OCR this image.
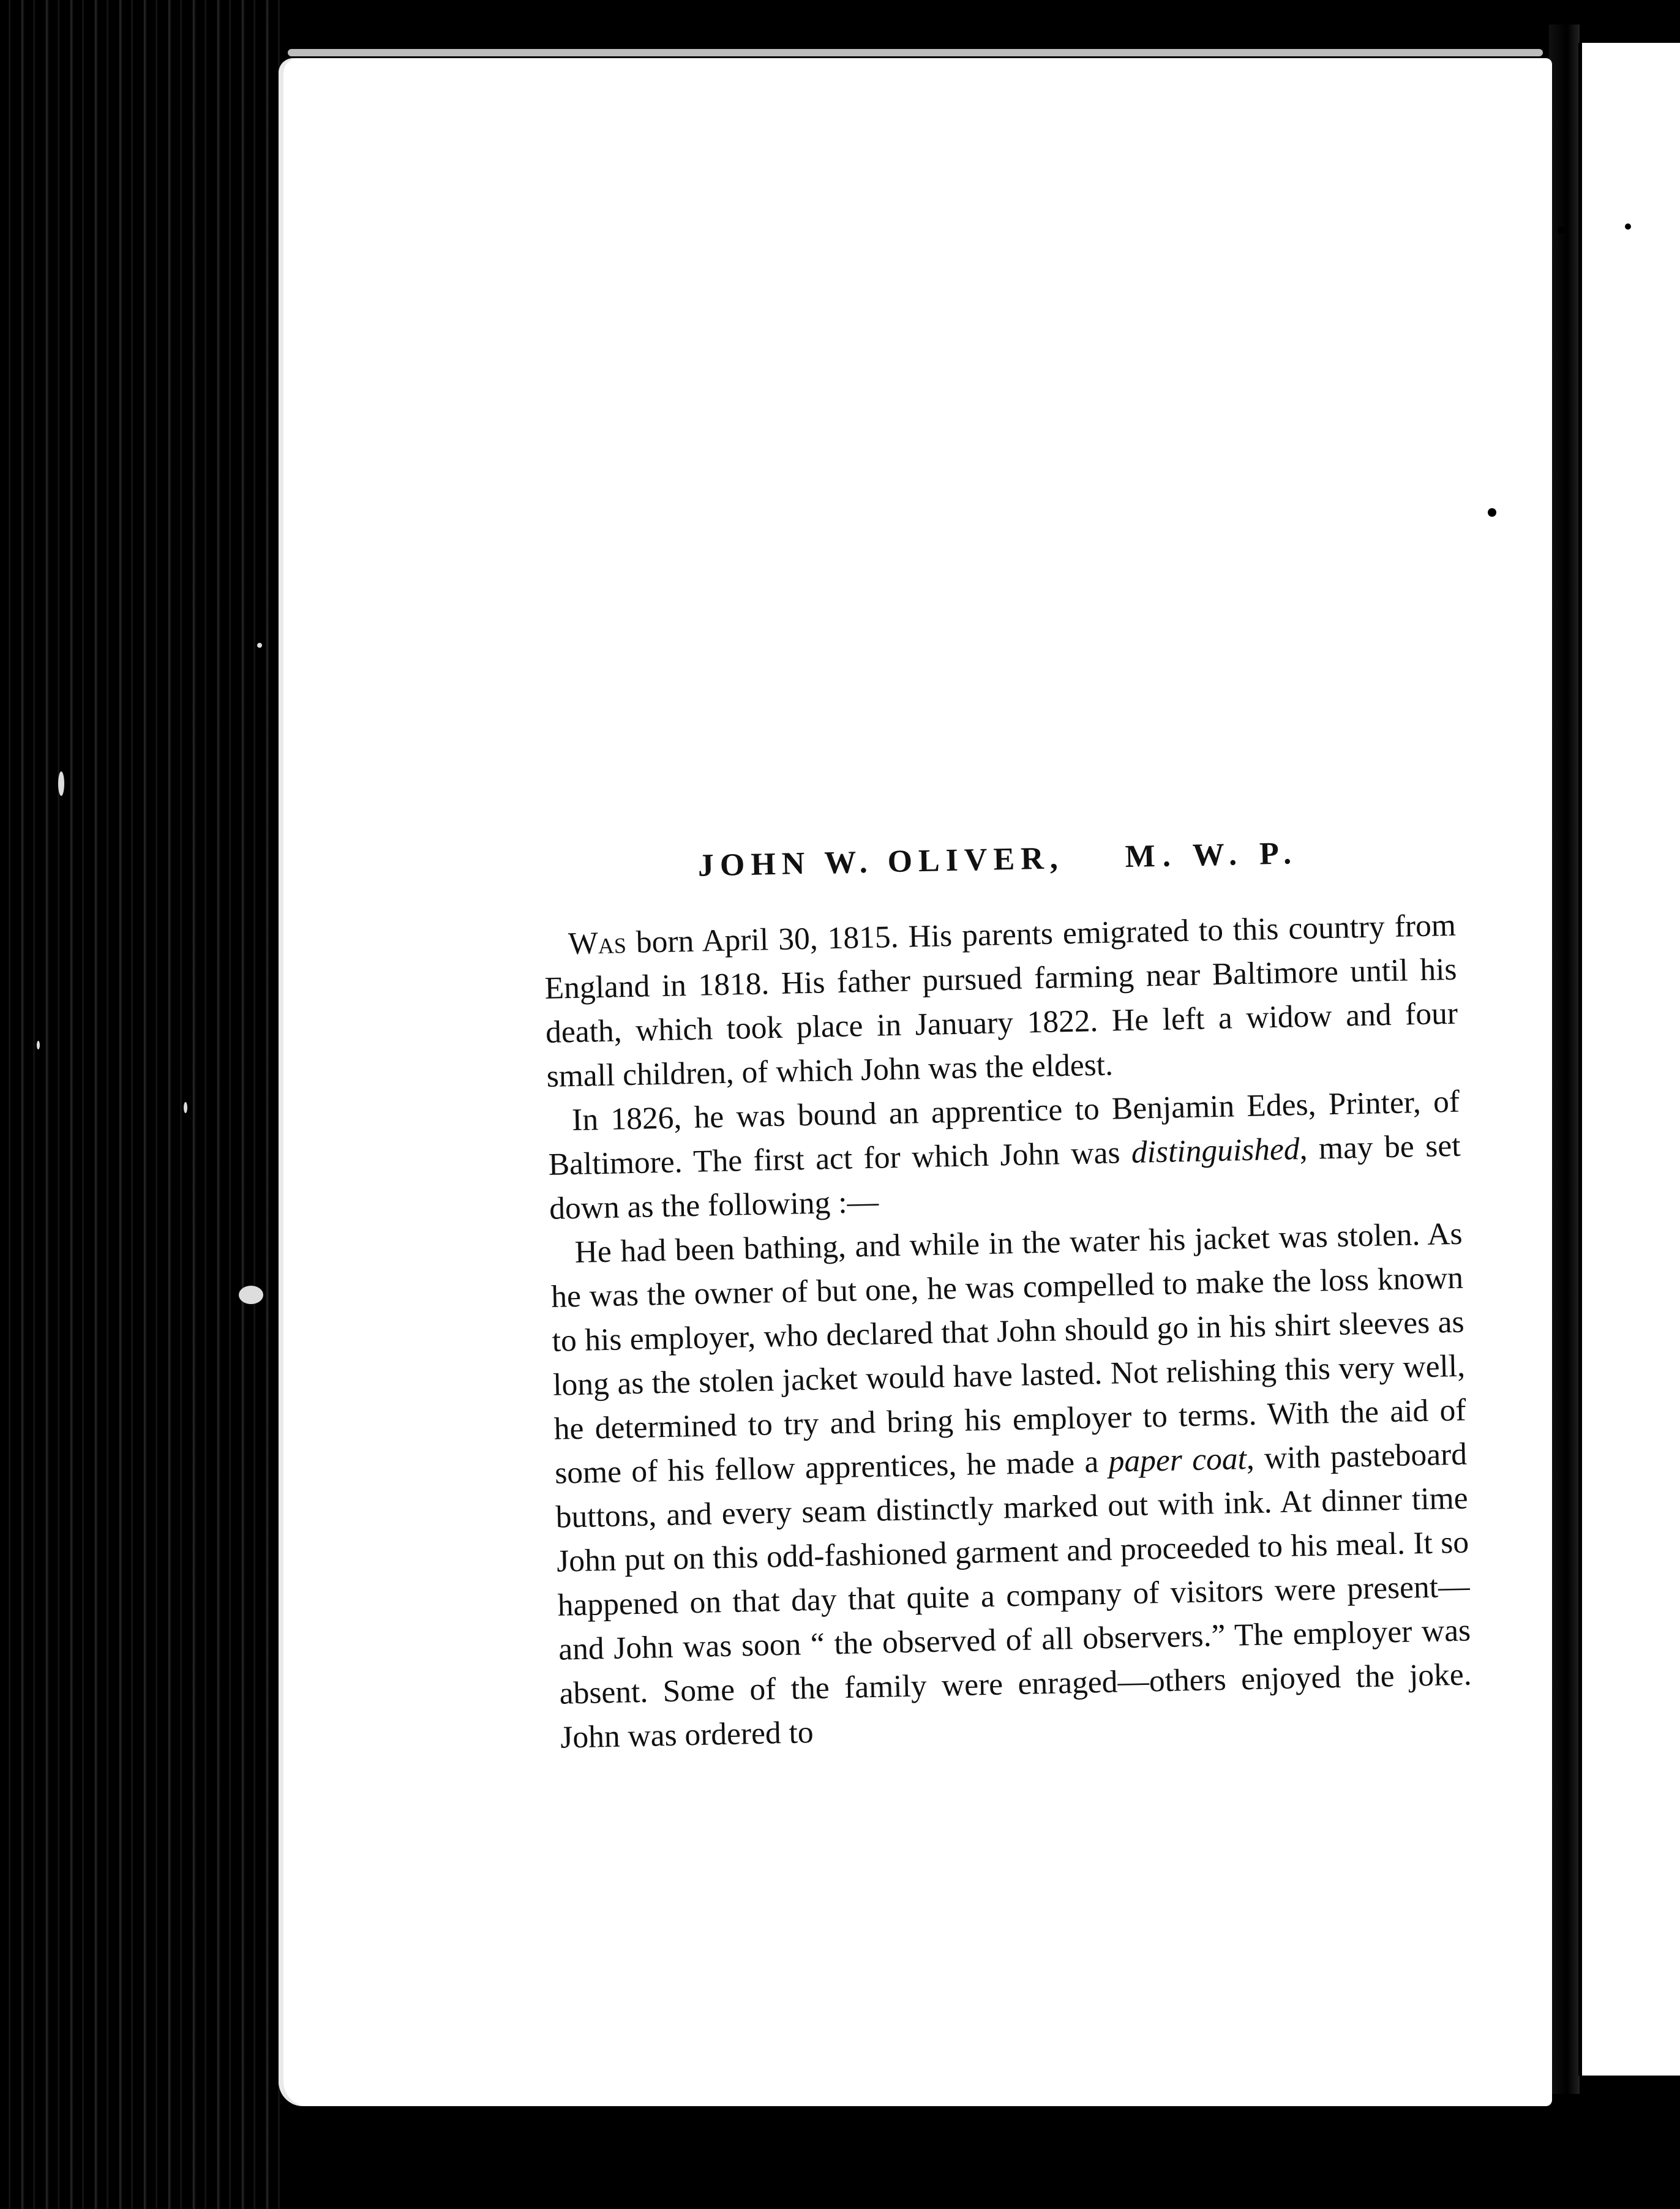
JOHN W. OLIVER, M. W. P.

Was born April 30, 1815. His parents emigrated to this country from England in 1818. His father pursued farming near Baltimore until his death, which took place in January 1822. He left a widow and four small children, of which John was the eldest.

In 1826, he was bound an apprentice to Benjamin Edes, Printer, of Baltimore. The first act for which John was distinguished, may be set down as the following :—

He had been bathing, and while in the water his jacket was stolen. As he was the owner of but one, he was compelled to make the loss known to his employer, who declared that John should go in his shirt sleeves as long as the stolen jacket would have lasted. Not relishing this very well, he determined to try and bring his employer to terms. With the aid of some of his fellow apprentices, he made a paper coat, with pasteboard buttons, and every seam distinctly marked out with ink. At dinner time John put on this odd-fashioned garment and proceeded to his meal. It so happened on that day that quite a company of visitors were present—and John was soon “ the observed of all observers.” The employer was absent. Some of the family were enraged—others enjoyed the joke. John was ordered to
